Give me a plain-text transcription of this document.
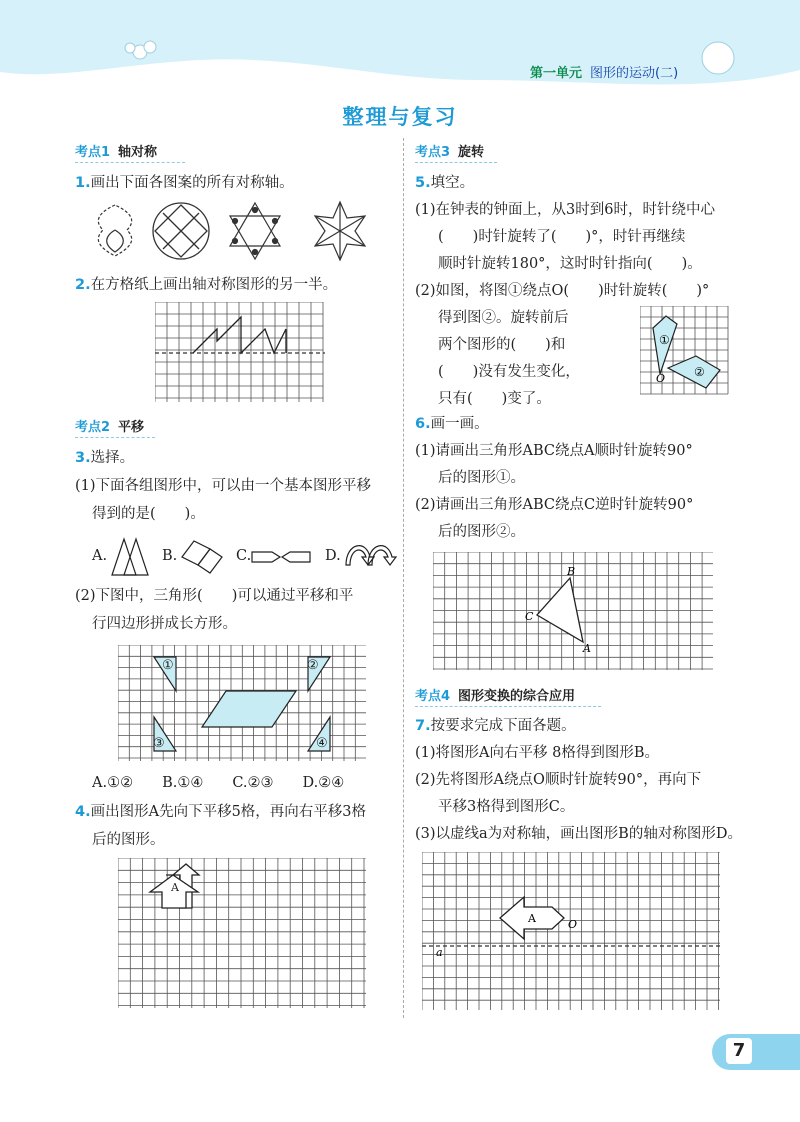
第一单元 图形的运动(二)
整理与复习
考点1 轴对称
1.画出下面各图案的所有对称轴。
2.在方格纸上画出轴对称图形的另一半。
考点2 平移
3.选择。
(1)下面各组图形中，可以由一个基本图形平移
得到的是(　　)。
A.	B.	C.	D.
(2)下图中，三角形(　　)可以通过平移和平
行四边形拼成长方形。
①	②
③	④
A.①②　　B.①④　　C.②③　　D.②④
4.画出图形A先向下平移5格，再向右平移3格
后的图形。
A
考点3 旋转
5.填空。
(1)在钟表的钟面上，从3时到6时，时针绕中心
(　　)时针旋转了(　　)°，时针再继续
顺时针旋转180°，这时时针指向(　　)。
(2)如图，将图①绕点O(　　)时针旋转(　　)°
得到图②。旋转前后
两个图形的(　　)和
(　　)没有发生变化，
只有(　　)变了。
①
②
O
6.画一画。
(1)请画出三角形ABC绕点A顺时针旋转90°
后的图形①。
(2)请画出三角形ABC绕点C逆时针旋转90°
后的图形②。
B
C
A
考点4 图形变换的综合应用
7.按要求完成下面各题。
(1)将图形A向右平移 8格得到图形B。
(2)先将图形A绕点O顺时针旋转90°，再向下
平移3格得到图形C。
(3)以虚线a为对称轴，画出图形B的轴对称图形D。
A	O
a
7
